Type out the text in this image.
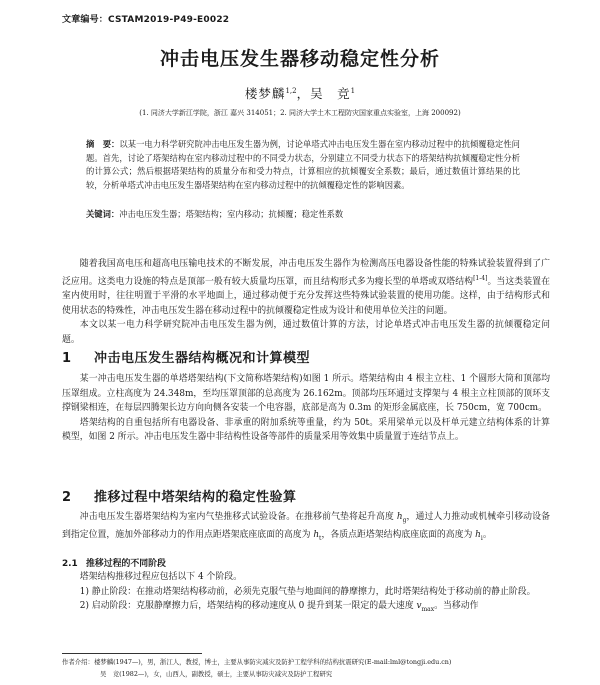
文章编号：CSTAM2019-P49-E0022
冲击电压发生器移动稳定性分析
楼梦麟$^{1,2}$，吴　竞$^1$
(1. 同济大学新江学院，浙江 嘉兴 314051；2. 同济大学土木工程防灾国家重点实验室，上海 200092)
摘　要：以某一电力科学研究院冲击电压发生器为例，讨论单塔式冲击电压发生器在室内移动过程中的抗倾覆稳定性问题。首先，讨论了塔架结构在室内移动过程中的不同受力状态，分别建立不同受力状态下的塔架结构抗倾覆稳定性分析的计算公式；然后根据塔架结构的质量分布和受力特点，计算相应的抗倾覆安全系数；最后，通过数值计算结果的比较，分析单塔式冲击电压发生器塔架结构在室内移动过程中的抗倾覆稳定性的影响因素。
关键词：冲击电压发生器；塔架结构；室内移动；抗倾覆；稳定性系数

随着我国高电压和超高电压输电技术的不断发展，冲击电压发生器作为检测高压电器设备性能的特殊试验装置得到了广泛应用。这类电力设施的特点是顶部一般有较大质量均压罩，而且结构形式多为瘦长型的单塔或双塔结构[1-4]。当这类装置在室内使用时，往往明置于平滑的水平地面上，通过移动便于充分发挥这些特殊试验装置的使用功能。这样，由于结构形式和使用状态的特殊性，冲击电压发生器在移动过程中的抗倾覆稳定性成为设计和使用单位关注的问题。

本文以某一电力科学研究院冲击电压发生器为例，通过数值计算的方法，讨论单塔式冲击电压发生器的抗倾覆稳定问题。

1 冲击电压发生器结构概况和计算模型

某一冲击电压发生器的单塔塔架结构(下文简称塔架结构)如图 1 所示。塔架结构由 4 根主立柱、1 个圆形大筒和顶部均压罩组成。立柱高度为 24.348m，至均压罩顶部的总高度为 26.162m。顶部均压环通过支撑架与 4 根主立柱顶部的顶环支撑钢梁相连，在每层四腾架长边方向向侧各安装一个电容器，底部是高为 0.3m 的矩形金属底座，长 750cm，宽 700cm。

塔架结构的自重包括所有电器设备、非承重的附加系统等重量，约为 50t。采用梁单元以及杆单元建立结构体系的计算模型，如图 2 所示。冲击电压发生器中非结构性设备等部件的质量采用等效集中质量置于连结节点上。

2 推移过程中塔架结构的稳定性验算

冲击电压发生器塔架结构为室内气垫推移式试验设备。在推移前气垫将起升高度 $h_g$，通过人力推动或机械牵引移动设备到指定位置，施加外部移动力的作用点距塔架底座底面的高度为 $h_t$，各质点距塔架结构底座底面的高度为 $h_i$。

2.1 推移过程的不同阶段

塔架结构推移过程应包括以下 4 个阶段。

1) 静止阶段：在推动塔架结构移动前，必须先克服气垫与地面间的静摩擦力，此时塔架结构处于移动前的静止阶段。

2) 启动阶段：克服静摩擦力后，塔架结构的移动速度从 0 提升到某一限定的最大速度 $v_{max}$。当移动作

作者介绍：楼梦麟(1947—)，男，浙江人，教授，博士，主要从事防灾减灾及防护工程学科的结构抗震研究(E-mail:lml@tongji.edu.cn)
吴　竞(1982—)，女，山西人，副教授，硕士，主要从事防灾减灾及防护工程研究
